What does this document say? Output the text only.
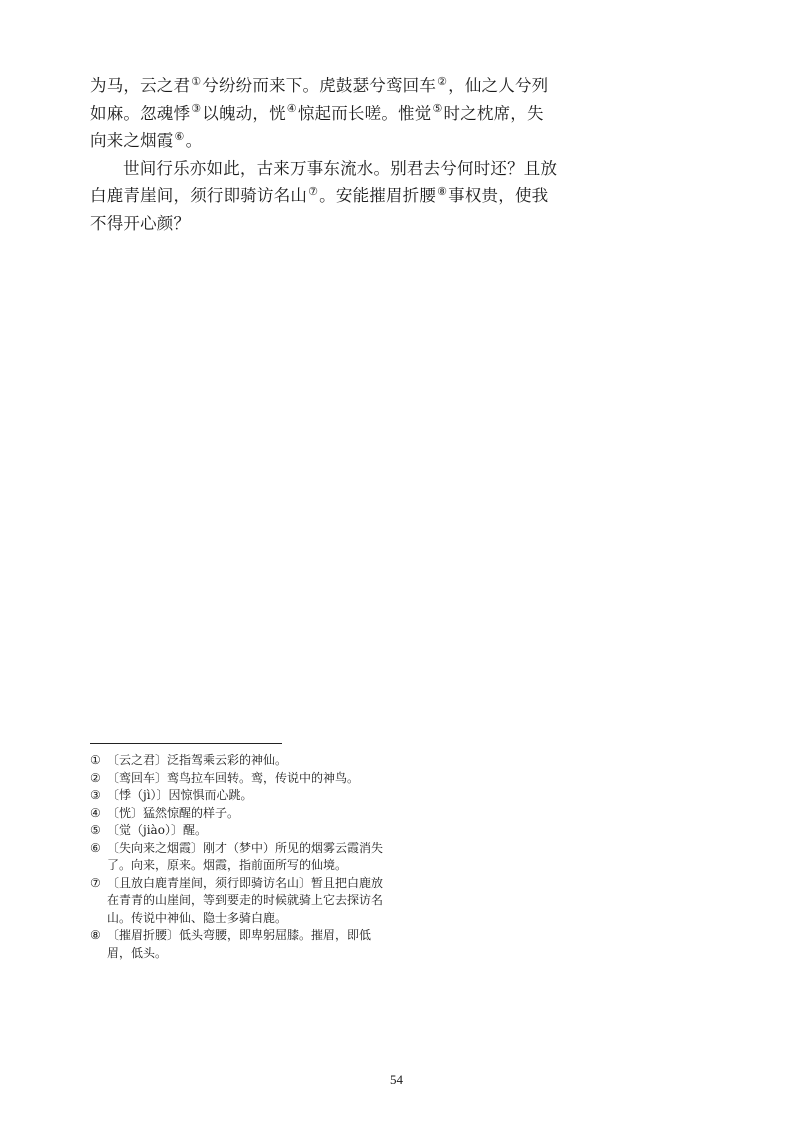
为马，云之君①兮纷纷而来下。虎鼓瑟兮鸾回车②，仙之人兮列如麻。忽魂悸③以魄动，恍④惊起而长嗟。惟觉⑤时之枕席，失向来之烟霞⑥。

世间行乐亦如此，古来万事东流水。别君去兮何时还？且放白鹿青崖间，须行即骑访名山⑦。安能摧眉折腰⑧事权贵，使我不得开心颜？

① 〔云之君〕泛指驾乘云彩的神仙。
② 〔鸾回车〕鸾鸟拉车回转。鸾，传说中的神鸟。
③ 〔悸（jì）〕因惊惧而心跳。
④ 〔恍〕猛然惊醒的样子。
⑤ 〔觉（jiào）〕醒。
⑥ 〔失向来之烟霞〕刚才（梦中）所见的烟雾云霞消失了。向来，原来。烟霞，指前面所写的仙境。
⑦ 〔且放白鹿青崖间，须行即骑访名山〕暂且把白鹿放在青青的山崖间，等到要走的时候就骑上它去探访名山。传说中神仙、隐士多骑白鹿。
⑧ 〔摧眉折腰〕低头弯腰，即卑躬屈膝。摧眉，即低眉，低头。
54
